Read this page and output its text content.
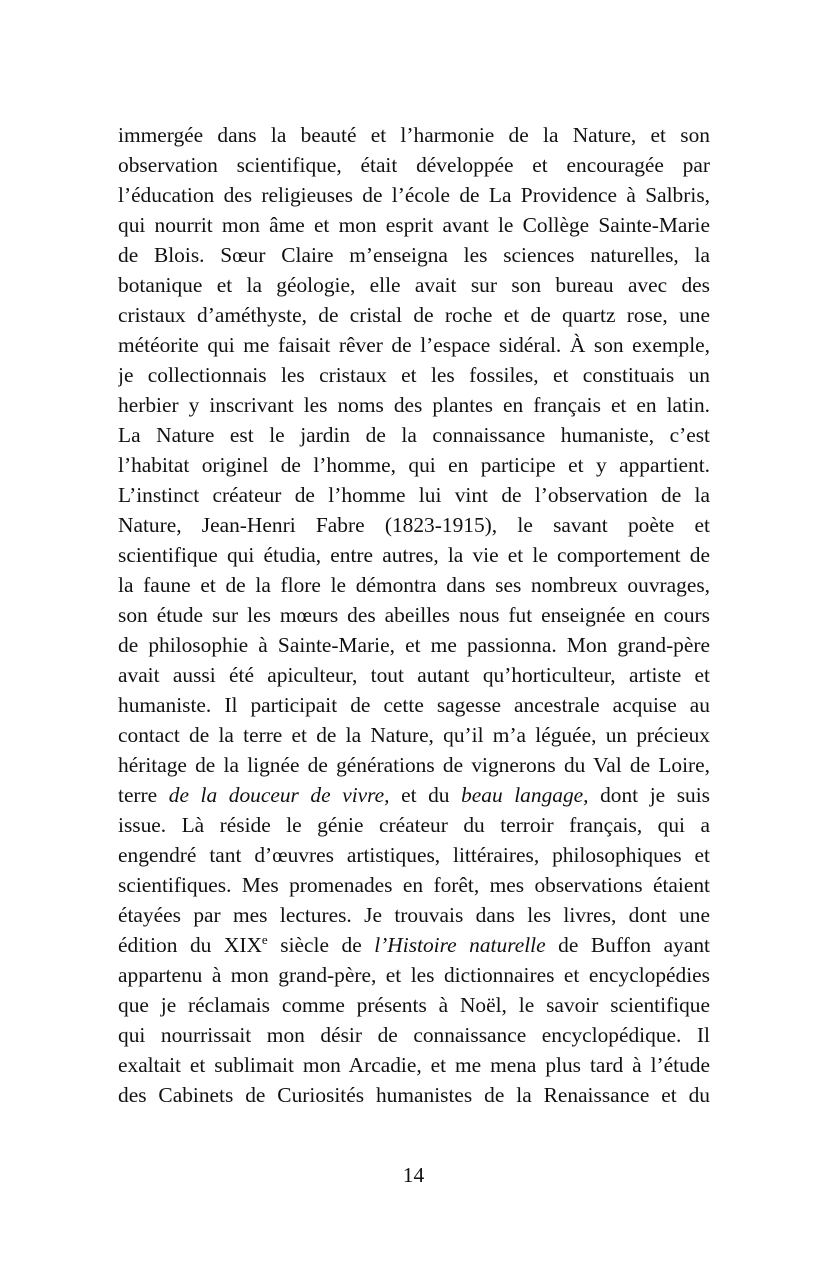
immergée dans la beauté et l’harmonie de la Nature, et son
observation scientifique, était développée et encouragée par
l’éducation des religieuses de l’école de La Providence à Salbris,
qui nourrit mon âme et mon esprit avant le Collège Sainte-Marie
de Blois. Sœur Claire m’enseigna les sciences naturelles, la
botanique et la géologie, elle avait sur son bureau avec des
cristaux d’améthyste, de cristal de roche et de quartz rose, une
météorite qui me faisait rêver de l’espace sidéral. À son exemple,
je collectionnais les cristaux et les fossiles, et constituais un
herbier y inscrivant les noms des plantes en français et en latin.
La Nature est le jardin de la connaissance humaniste, c’est
l’habitat originel de l’homme, qui en participe et y appartient.
L’instinct créateur de l’homme lui vint de l’observation de la
Nature, Jean-Henri Fabre (1823-1915), le savant poète et
scientifique qui étudia, entre autres, la vie et le comportement de
la faune et de la flore le démontra dans ses nombreux ouvrages,
son étude sur les mœurs des abeilles nous fut enseignée en cours
de philosophie à Sainte-Marie, et me passionna. Mon grand-père
avait aussi été apiculteur, tout autant qu’horticulteur, artiste et
humaniste. Il participait de cette sagesse ancestrale acquise au
contact de la terre et de la Nature, qu’il m’a léguée, un précieux
héritage de la lignée de générations de vignerons du Val de Loire,
terre de la douceur de vivre, et du beau langage, dont je suis
issue. Là réside le génie créateur du terroir français, qui a
engendré tant d’œuvres artistiques, littéraires, philosophiques et
scientifiques. Mes promenades en forêt, mes observations étaient
étayées par mes lectures. Je trouvais dans les livres, dont une
édition du XIXe siècle de l’Histoire naturelle de Buffon ayant
appartenu à mon grand-père, et les dictionnaires et encyclopédies
que je réclamais comme présents à Noël, le savoir scientifique
qui nourrissait mon désir de connaissance encyclopédique. Il
exaltait et sublimait mon Arcadie, et me mena plus tard à l’étude
des Cabinets de Curiosités humanistes de la Renaissance et du
14
